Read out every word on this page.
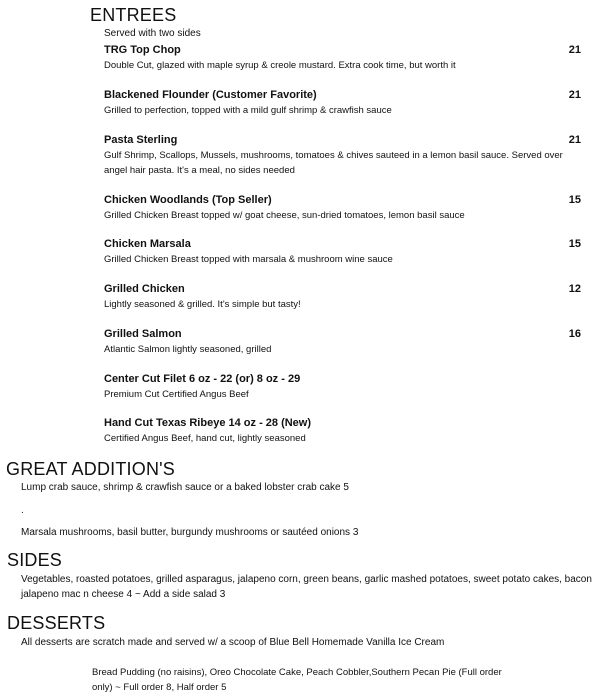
ENTREES
Served with two sides
TRG Top Chop	21
Double Cut, glazed with maple syrup & creole mustard. Extra cook time, but worth it
Blackened Flounder (Customer Favorite)	21
Grilled to perfection, topped with a mild gulf shrimp & crawfish sauce
Pasta Sterling	21
Gulf Shrimp, Scallops, Mussels, mushrooms, tomatoes & chives sauteed in a lemon basil sauce. Served over angel hair pasta. It's a meal, no sides needed
Chicken Woodlands (Top Seller)	15
Grilled Chicken Breast topped w/ goat cheese, sun-dried tomatoes, lemon basil sauce
Chicken Marsala	15
Grilled Chicken Breast topped with marsala & mushroom wine sauce
Grilled Chicken	12
Lightly seasoned & grilled. It's simple but tasty!
Grilled Salmon	16
Atlantic Salmon lightly seasoned, grilled
Center Cut Filet 6 oz - 22 (or) 8 oz - 29
Premium Cut Certified Angus Beef
Hand Cut Texas Ribeye 14 oz - 28 (New)
Certified Angus Beef, hand cut, lightly seasoned
GREAT ADDITION'S
Lump crab sauce, shrimp & crawfish sauce or a baked lobster crab cake 5
.
Marsala mushrooms, basil butter, burgundy mushrooms or sautéed onions 3
SIDES
Vegetables, roasted potatoes, grilled asparagus, jalapeno corn, green beans, garlic mashed potatoes, sweet potato cakes, bacon jalapeno mac n cheese 4 ~ Add a side salad 3
DESSERTS
All desserts are scratch made and served w/ a scoop of Blue Bell Homemade Vanilla Ice Cream
Bread Pudding (no raisins), Oreo Chocolate Cake, Peach Cobbler,Southern Pecan Pie (Full order only) ~ Full order 8, Half order 5
